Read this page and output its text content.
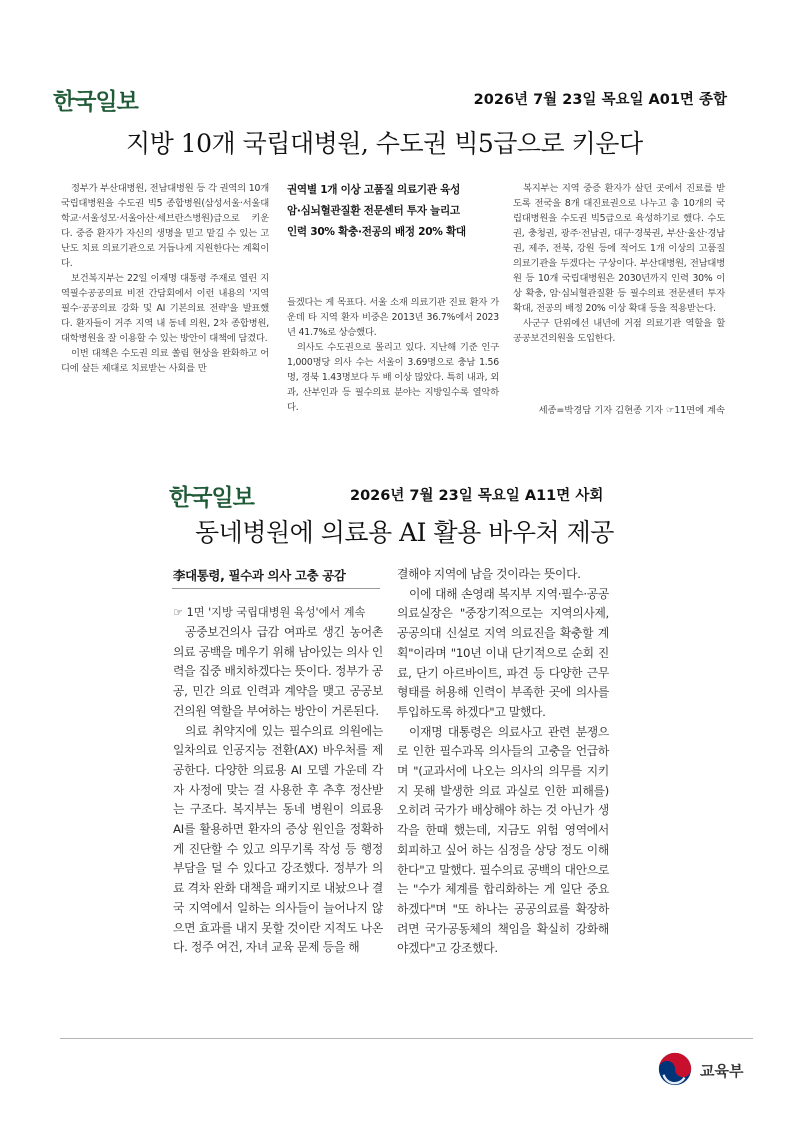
한국일보	2026년 7월 23일 목요일 A01면 종합
지방 10개 국립대병원, 수도권 빅5급으로 키운다

정부가 부산대병원, 전남대병원 등 각 권역의 10개 국립대병원을 수도권 빅5 종합병원(삼성서울·서울대학교·서울성모·서울아산·세브란스병원)급으로 키운다. 중증 환자가 자신의 생명을 믿고 맡길 수 있는 고난도 치료 의료기관으로 거듭나게 지원한다는 계획이다.

보건복지부는 22일 이재명 대통령 주재로 열린 지역필수공공의료 비전 간담회에서 이런 내용의 '지역필수·공공의료 강화 및 AI 기본의료 전략'을 발표했다. 환자들이 거주 지역 내 동네 의원, 2차 종합병원, 대학병원을 잘 이용할 수 있는 방안이 대책에 담겼다.

이번 대책은 수도권 의료 쏠림 현상을 완화하고 어디에 살든 제대로 치료받는 사회를 만

권역별 1개 이상 고품질 의료기관 육성
암·심뇌혈관질환 전문센터 투자 늘리고
인력 30% 확충·전공의 배정 20% 확대

들겠다는 게 목표다. 서울 소재 의료기관 진료 환자 가운데 타 지역 환자 비중은 2013년 36.7%에서 2023년 41.7%로 상승했다.

의사도 수도권으로 몰리고 있다. 지난해 기준 인구 1,000명당 의사 수는 서울이 3.69명으로 충남 1.56명, 경북 1.43명보다 두 배 이상 많았다. 특히 내과, 외과, 산부인과 등 필수의료 분야는 지방일수록 열악하다.

복지부는 지역 중증 환자가 살던 곳에서 진료를 받도록 전국을 8개 대진료권으로 나누고 총 10개의 국립대병원을 수도권 빅5급으로 육성하기로 했다. 수도권, 충청권, 광주·전남권, 대구·경북권, 부산·울산·경남권, 제주, 전북, 강원 등에 적어도 1개 이상의 고품질 의료기관을 두겠다는 구상이다. 부산대병원, 전남대병원 등 10개 국립대병원은 2030년까지 인력 30% 이상 확충, 암·심뇌혈관질환 등 필수의료 전문센터 투자 확대, 전공의 배정 20% 이상 확대 등을 적용받는다.

사군구 단위에선 내년에 거점 의료기관 역할을 할 공공보건의원을 도입한다.

세종=박경담 기자 김현종 기자 ☞11면에 계속
한국일보	2026년 7월 23일 목요일 A11면 사회
동네병원에 의료용 AI 활용 바우처 제공
李대통령, 필수과 의사 고충 공감
☞ 1면 '지방 국립대병원 육성'에서 계속

공중보건의사 급감 여파로 생긴 농어촌 의료 공백을 메우기 위해 남아있는 의사 인력을 집중 배치하겠다는 뜻이다. 정부가 공공, 민간 의료 인력과 계약을 맺고 공공보건의원 역할을 부여하는 방안이 거론된다.

의료 취약지에 있는 필수의료 의원에는 일차의료 인공지능 전환(AX) 바우처를 제공한다. 다양한 의료용 AI 모델 가운데 각자 사정에 맞는 걸 사용한 후 추후 정산받는 구조다. 복지부는 동네 병원이 의료용 AI를 활용하면 환자의 증상 원인을 정확하게 진단할 수 있고 의무기록 작성 등 행정 부담을 덜 수 있다고 강조했다. 정부가 의료 격차 완화 대책을 패키지로 내놨으나 결국 지역에서 일하는 의사들이 늘어나지 않으면 효과를 내지 못할 것이란 지적도 나온다. 정주 여건, 자녀 교육 문제 등을 해

결해야 지역에 남을 것이라는 뜻이다.

이에 대해 손영래 복지부 지역·필수·공공의료실장은 "중장기적으로는 지역의사제, 공공의대 신설로 지역 의료진을 확충할 계획"이라며 "10년 이내 단기적으로 순회 진료, 단기 아르바이트, 파견 등 다양한 근무 형태를 허용해 인력이 부족한 곳에 의사를 투입하도록 하겠다"고 말했다.

이재명 대통령은 의료사고 관련 분쟁으로 인한 필수과목 의사들의 고충을 언급하며 "(교과서에 나오는 의사의 의무를 지키지 못해 발생한 의료 과실로 인한 피해를) 오히려 국가가 배상해야 하는 것 아닌가 생각을 한때 했는데, 지금도 위험 영역에서 회피하고 싶어 하는 심정을 상당 정도 이해한다"고 말했다. 필수의료 공백의 대안으로는 "수가 체계를 합리화하는 게 일단 중요하겠다"며 "또 하나는 공공의료를 확장하려면 국가공동체의 책임을 확실히 강화해야겠다"고 강조했다.

교육부
